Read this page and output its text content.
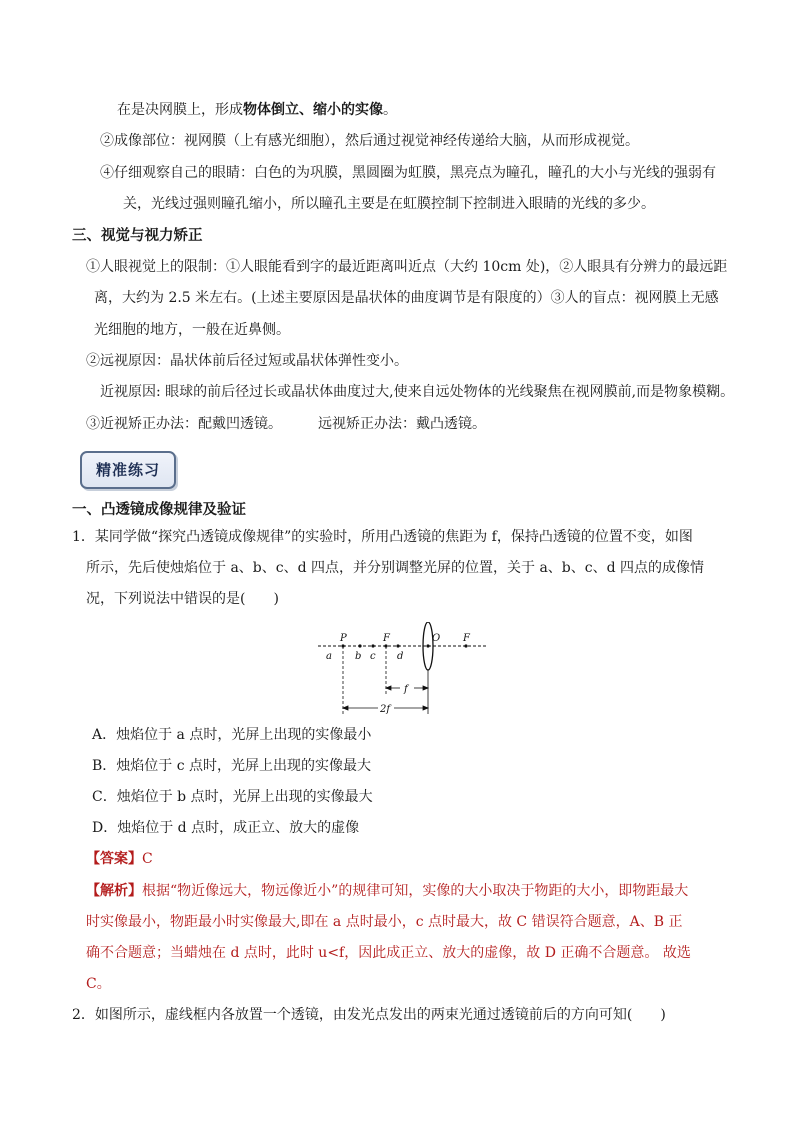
在是决网膜上，形成物体倒立、缩小的实像。
②成像部位：视网膜（上有感光细胞），然后通过视觉神经传递给大脑，从而形成视觉。
④仔细观察自己的眼睛：白色的为巩膜，黑圆圈为虹膜，黑亮点为瞳孔，瞳孔的大小与光线的强弱有
关，光线过强则瞳孔缩小，所以瞳孔主要是在虹膜控制下控制进入眼睛的光线的多少。
三、视觉与视力矫正
①人眼视觉上的限制：①人眼能看到字的最近距离叫近点（大约 10cm 处)，②人眼具有分辨力的最远距
离，大约为 2.5 米左右。(上述主要原因是晶状体的曲度调节是有限度的）③人的盲点：视网膜上无感
光细胞的地方，一般在近鼻侧。
②远视原因：晶状体前后径过短或晶状体弹性变小。
近视原因: 眼球的前后径过长或晶状体曲度过大,使来自远处物体的光线聚焦在视网膜前,而是物象模糊。
③近视矫正办法：配戴凹透镜。	远视矫正办法：戴凸透镜。
精准练习
一、凸透镜成像规律及验证
1．某同学做“探究凸透镜成像规律”的实验时，所用凸透镜的焦距为 f，保持凸透镜的位置不变，如图
所示，先后使烛焰位于 a、b、c、d 四点，并分别调整光屏的位置，关于 a、b、c、d 四点的成像情
况，下列说法中错误的是(　　)
P	F	O F
a b c d
f
2f
A．烛焰位于 a 点时，光屏上出现的实像最小
B．烛焰位于 c 点时，光屏上出现的实像最大
C．烛焰位于 b 点时，光屏上出现的实像最大
D．烛焰位于 d 点时，成正立、放大的虚像
【答案】C
【解析】根据“物近像远大，物远像近小”的规律可知，实像的大小取决于物距的大小，即物距最大
时实像最小，物距最小时实像最大,即在 a 点时最小，c 点时最大，故 C 错误符合题意，A、B 正
确不合题意；当蜡烛在 d 点时，此时 u<f，因此成正立、放大的虚像，故 D 正确不合题意。 故选
C。
2．如图所示，虚线框内各放置一个透镜，由发光点发出的两束光通过透镜前后的方向可知(　　)
